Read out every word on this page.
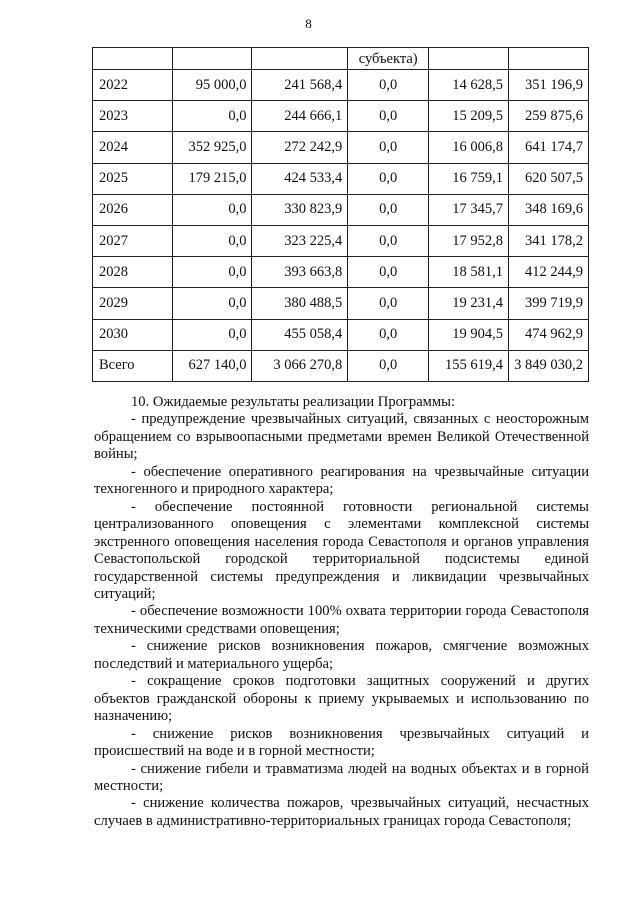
8
			субъекта)		
2022	95 000,0	241 568,4	0,0	14 628,5	351 196,9
2023	0,0	244 666,1	0,0	15 209,5	259 875,6
2024	352 925,0	272 242,9	0,0	16 006,8	641 174,7
2025	179 215,0	424 533,4	0,0	16 759,1	620 507,5
2026	0,0	330 823,9	0,0	17 345,7	348 169,6
2027	0,0	323 225,4	0,0	17 952,8	341 178,2
2028	0,0	393 663,8	0,0	18 581,1	412 244,9
2029	0,0	380 488,5	0,0	19 231,4	399 719,9
2030	0,0	455 058,4	0,0	19 904,5	474 962,9
Всего	627 140,0	3 066 270,8	0,0	155 619,4	3 849 030,2

10. Ожидаемые результаты реализации Программы:

- предупреждение чрезвычайных ситуаций, связанных с неосторожным обращением со взрывоопасными предметами времен Великой Отечественной войны;

- обеспечение оперативного реагирования на чрезвычайные ситуации техногенного и природного характера;

- обеспечение постоянной готовности региональной системы централизованного оповещения с элементами комплексной системы экстренного оповещения населения города Севастополя и органов управления Севастопольской городской территориальной подсистемы единой государственной системы предупреждения и ликвидации чрезвычайных ситуаций;

- обеспечение возможности 100% охвата территории города Севастополя техническими средствами оповещения;

- снижение рисков возникновения пожаров, смягчение возможных последствий и материального ущерба;

- сокращение сроков подготовки защитных сооружений и других объектов гражданской обороны к приему укрываемых и использованию по назначению;

- снижение рисков возникновения чрезвычайных ситуаций и происшествий на воде и в горной местности;

- снижение гибели и травматизма людей на водных объектах и в горной местности;

- снижение количества пожаров, чрезвычайных ситуаций, несчастных случаев в административно-территориальных границах города Севастополя;
